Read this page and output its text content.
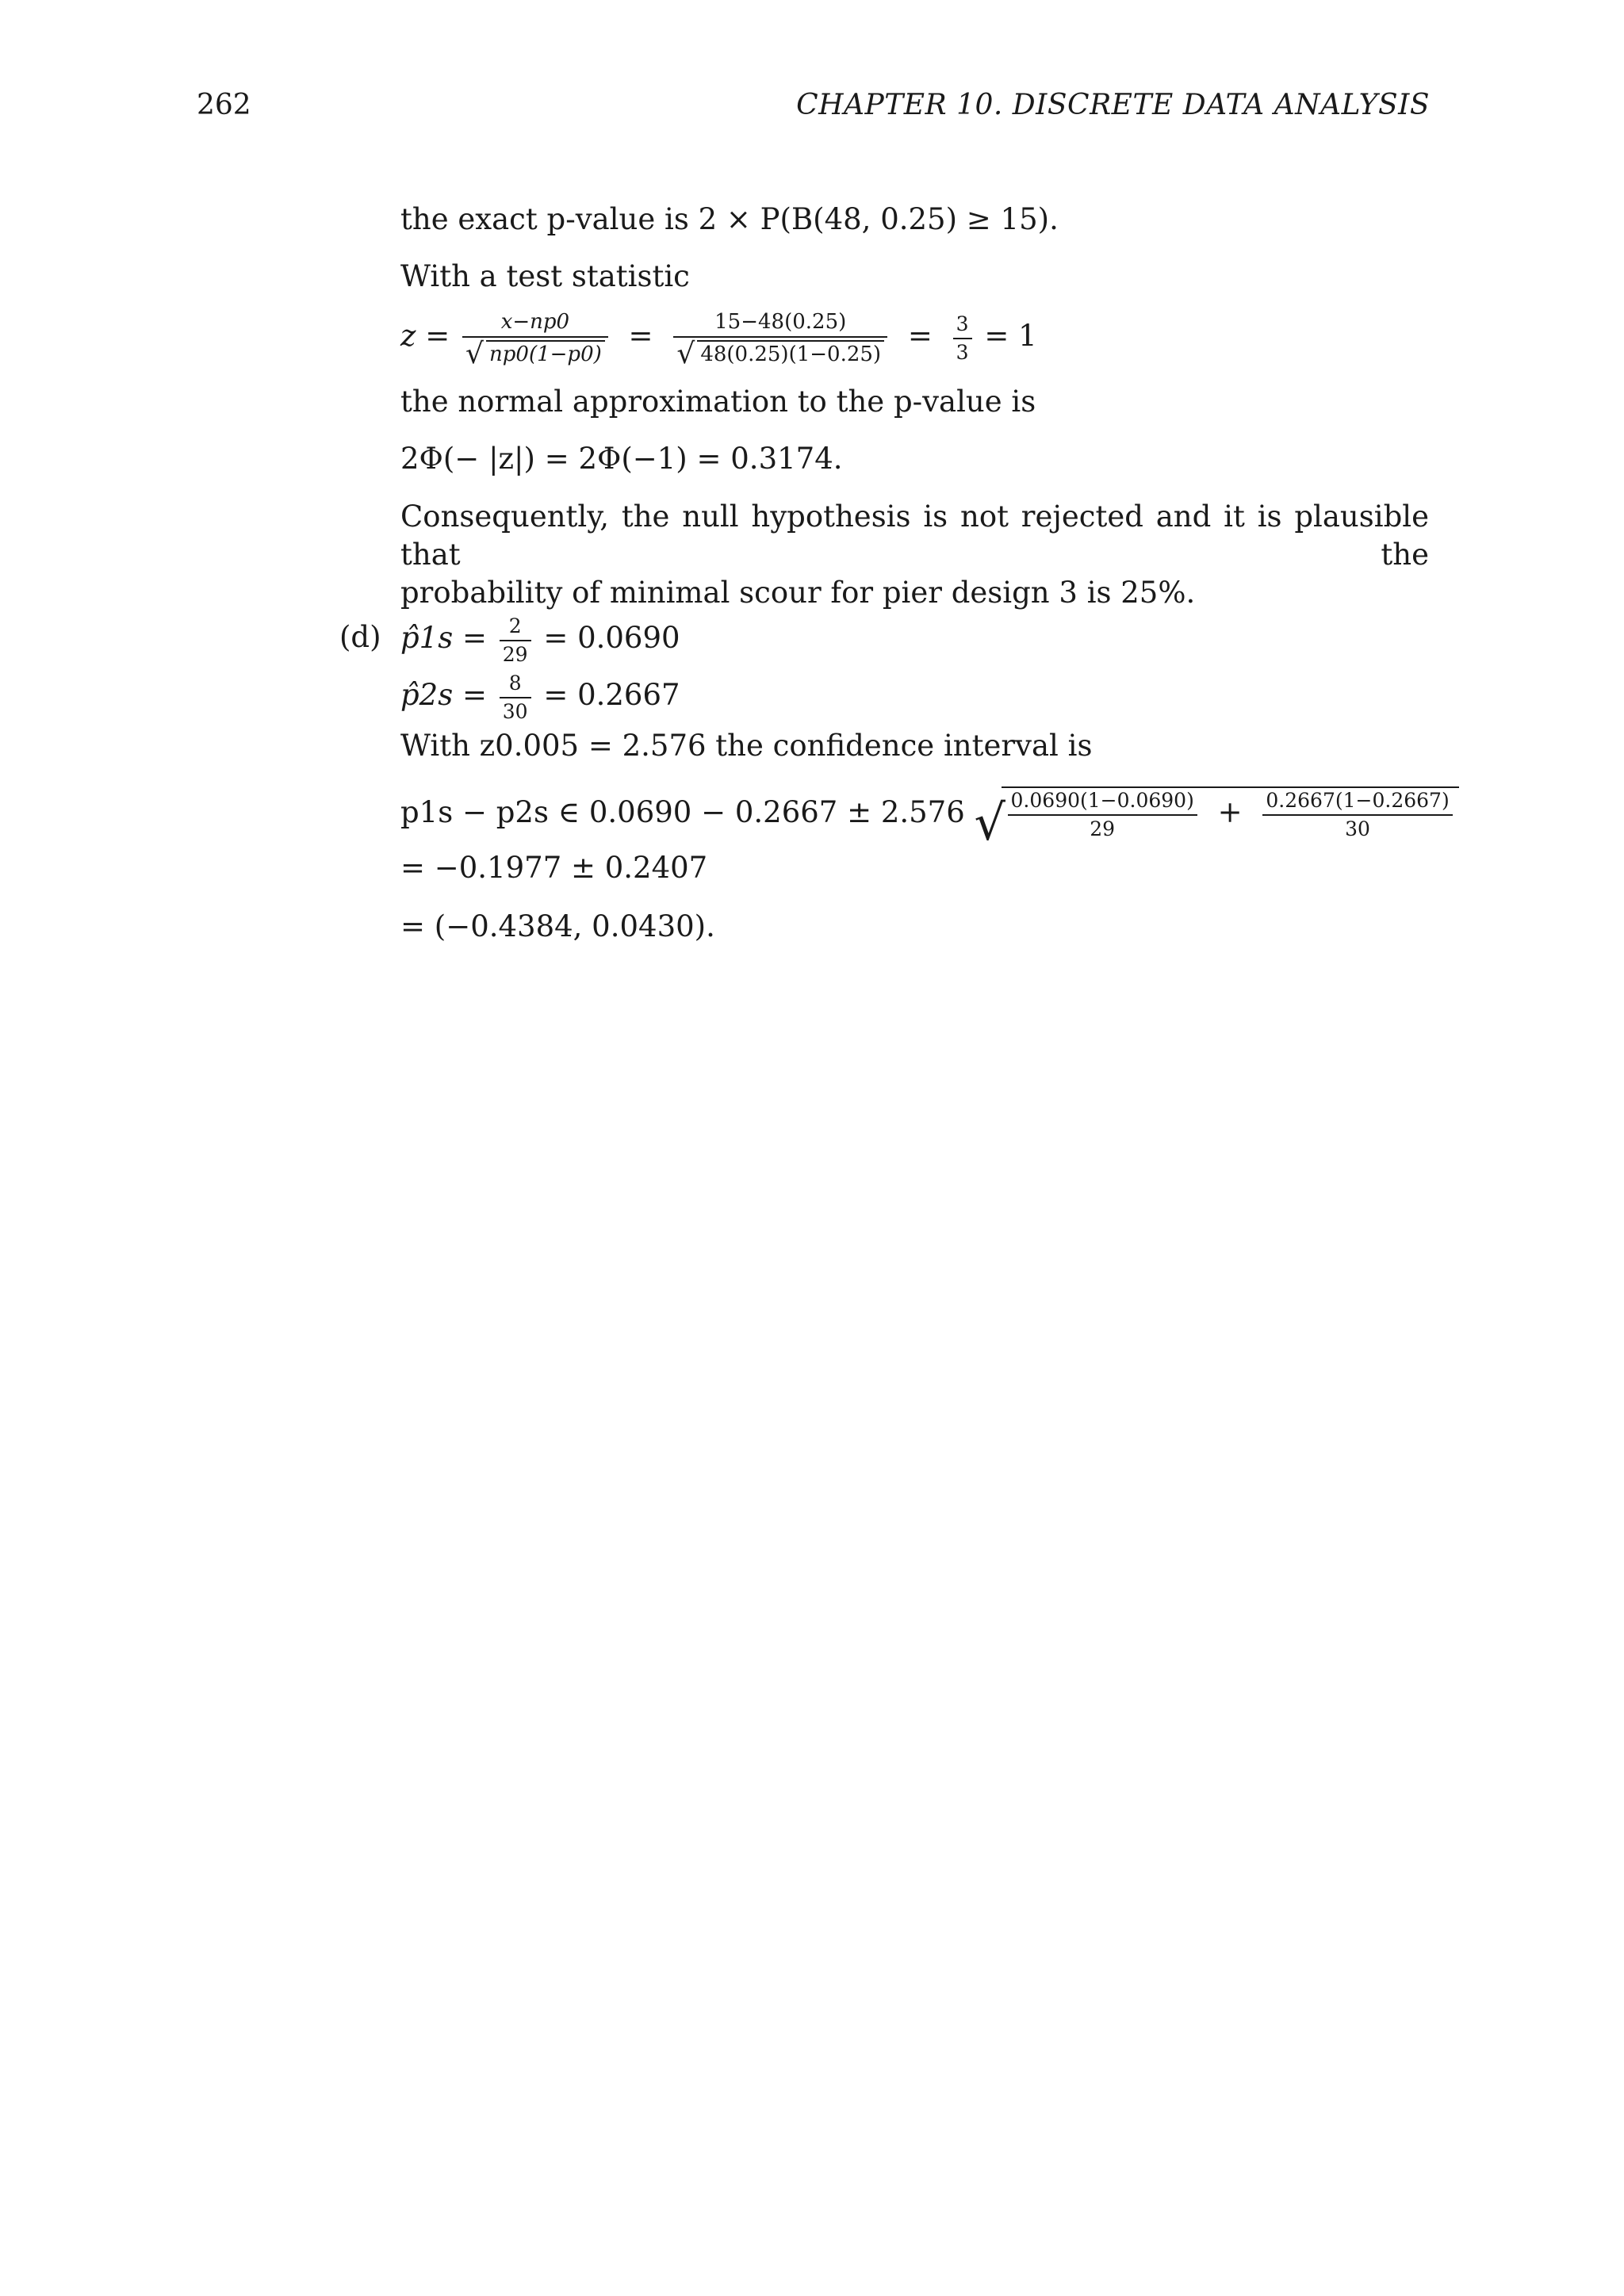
262	CHAPTER 10. DISCRETE DATA ANALYSIS
the exact p-value is 2 × P(B(48, 0.25) ≥ 15).
With a test statistic
$z = \frac{x-np0}{√ np0(1-p0)} = \frac{15-48(0.25)}{√ 48(0.25)(1-0.25)} = \frac{3}{3} = 1$
the normal approximation to the p-value is
2Φ(− |z|) = 2Φ(−1) = 0.3174.
Consequently, the null hypothesis is not rejected and it is plausible that the
probability of minimal scour for pier design 3 is 25%.
(d) p̂1s = $\frac{2}{29} = 0.0690$
p̂2s = $\frac{8}{30} = 0.2667$
With z0.005 = 2.576 the confidence interval is
p1s − p2s ∈ 0.0690 − 0.2667 ± 2.576 √ $\frac{0.0690(1-0.0690)}{29} + \frac{0.2667(1-0.2667)}{30}$
= −0.1977 ± 0.2407
= (−0.4384, 0.0430).
